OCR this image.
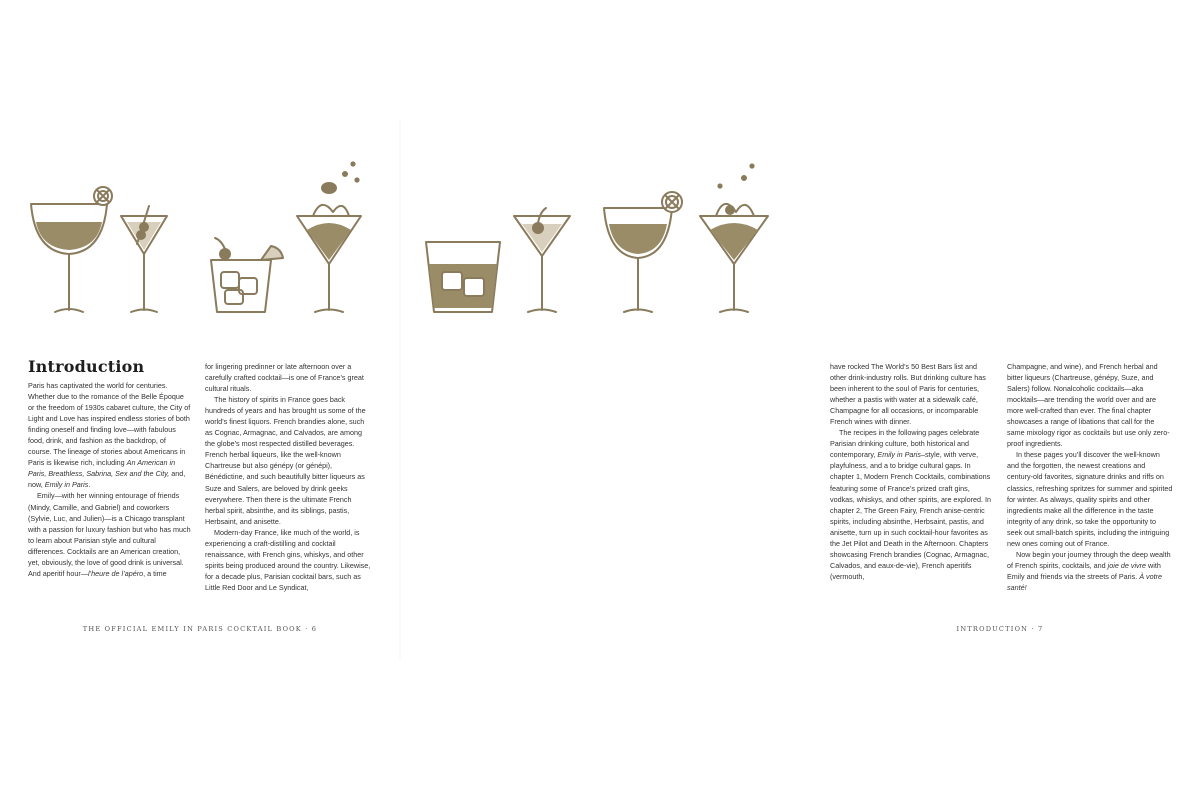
Introduction

Paris has captivated the world for centuries. Whether due to the romance of the Belle Époque or the freedom of 1930s cabaret culture, the City of Light and Love has inspired endless stories of both finding oneself and finding love—with fabulous food, drink, and fashion as the backdrop, of course. The lineage of stories about Americans in Paris is likewise rich, including An American in Paris, Breathless, Sabrina, Sex and the City, and, now, Emily in Paris.

Emily—with her winning entourage of friends (Mindy, Camille, and Gabriel) and coworkers (Sylvie, Luc, and Julien)—is a Chicago transplant with a passion for luxury fashion but who has much to learn about Parisian style and cultural differences. Cocktails are an American creation, yet, obviously, the love of good drink is universal. And aperitif hour—l’heure de l’apéro, a time

for lingering predinner or late afternoon over a carefully crafted cocktail—is one of France’s great cultural rituals.

The history of spirits in France goes back hundreds of years and has brought us some of the world’s finest liquors. French brandies alone, such as Cognac, Armagnac, and Calvados, are among the globe’s most respected distilled beverages. French herbal liqueurs, like the well-known Chartreuse but also génépy (or génépi), Bénédictine, and such beautifully bitter liqueurs as Suze and Salers, are beloved by drink geeks everywhere. Then there is the ultimate French herbal spirit, absinthe, and its siblings, pastis, Herbsaint, and anisette.

Modern-day France, like much of the world, is experiencing a craft-distilling and cocktail renaissance, with French gins, whiskys, and other spirits being produced around the country. Likewise, for a decade plus, Parisian cocktail bars, such as Little Red Door and Le Syndicat,

THE OFFICIAL EMILY IN PARIS COCKTAIL BOOK · 6

have rocked The World’s 50 Best Bars list and other drink-industry rolls. But drinking culture has been inherent to the soul of Paris for centuries, whether a pastis with water at a sidewalk café, Champagne for all occasions, or incomparable French wines with dinner.

The recipes in the following pages celebrate Parisian drinking culture, both historical and contemporary, Emily in Paris–style, with verve, playfulness, and a to bridge cultural gaps. In chapter 1, Modern French Cocktails, combinations featuring some of France’s prized craft gins, vodkas, whiskys, and other spirits, are explored. In chapter 2, The Green Fairy, French anise-centric spirits, including absinthe, Herbsaint, pastis, and anisette, turn up in such cocktail-hour favorites as the Jet Pilot and Death in the Afternoon. Chapters showcasing French brandies (Cognac, Armagnac, Calvados, and eaux-de-vie), French aperitifs (vermouth,

Champagne, and wine), and French herbal and bitter liqueurs (Chartreuse, génépy, Suze, and Salers) follow. Nonalcoholic cocktails—aka mocktails—are trending the world over and are more well-crafted than ever. The final chapter showcases a range of libations that call for the same mixology rigor as cocktails but use only zero-proof ingredients.

In these pages you’ll discover the well-known and the forgotten, the newest creations and century-old favorites, signature drinks and riffs on classics, refreshing spritzes for summer and spirited for winter. As always, quality spirits and other ingredients make all the difference in the taste integrity of any drink, so take the opportunity to seek out small-batch spirits, including the intriguing new ones coming out of France.

Now begin your journey through the deep wealth of French spirits, cocktails, and joie de vivre with Emily and friends via the streets of Paris. À votre santé!

INTRODUCTION · 7
